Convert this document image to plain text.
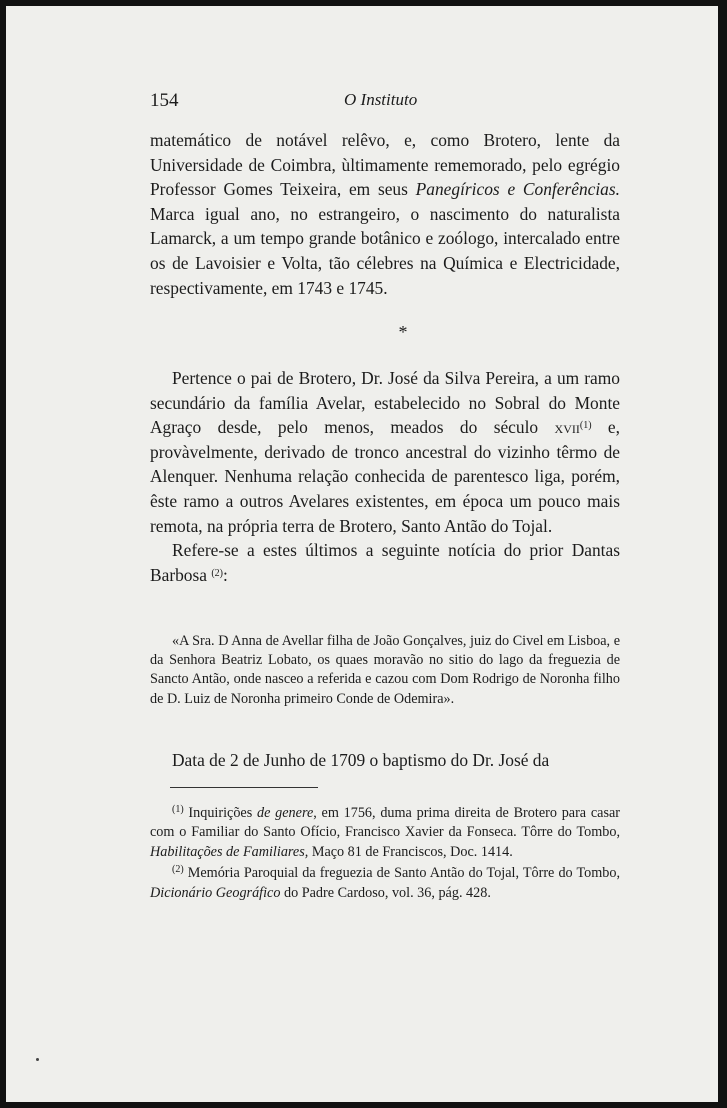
154	O Instituto

matemático de notável relêvo, e, como Brotero, lente da Universidade de Coimbra, ùltimamente rememorado, pelo egrégio Professor Gomes Teixeira, em seus Panegíricos e Conferências. Marca igual ano, no estrangeiro, o nascimento do naturalista Lamarck, a um tempo grande botânico e zoólogo, intercalado entre os de Lavoisier e Volta, tão célebres na Química e Electricidade, respectivamente, em 1743 e 1745.

*

Pertence o pai de Brotero, Dr. José da Silva Pereira, a um ramo secundário da família Avelar, estabelecido no Sobral do Monte Agraço desde, pelo menos, meados do século xvii$^{(1)}$ e, provàvelmente, derivado de tronco ancestral do vizinho têrmo de Alenquer. Nenhuma relação conhecida de parentesco liga, porém, êste ramo a outros Avelares existentes, em época um pouco mais remota, na própria terra de Brotero, Santo Antão do Tojal.

Refere-se a estes últimos a seguinte notícia do prior Dantas Barbosa $^{(2)}$:

«A Sra. D Anna de Avellar filha de João Gonçalves, juiz do Civel em Lisboa, e da Senhora Beatriz Lobato, os quaes moravão no sitio do lago da freguezia de Sancto Antão, onde nasceo a referida e cazou com Dom Rodrigo de Noronha filho de D. Luiz de Noronha primeiro Conde de Odemira».

Data de 2 de Junho de 1709 o baptismo do Dr. José da

$^{(1)}$ Inquirições de genere, em 1756, duma prima direita de Brotero para casar com o Familiar do Santo Ofício, Francisco Xavier da Fonseca. Tôrre do Tombo, Habilitações de Familiares, Maço 81 de Franciscos, Doc. 1414.

$^{(2)}$ Memória Paroquial da freguezia de Santo Antão do Tojal, Tôrre do Tombo, Dicionário Geográfico do Padre Cardoso, vol. 36, pág. 428.
